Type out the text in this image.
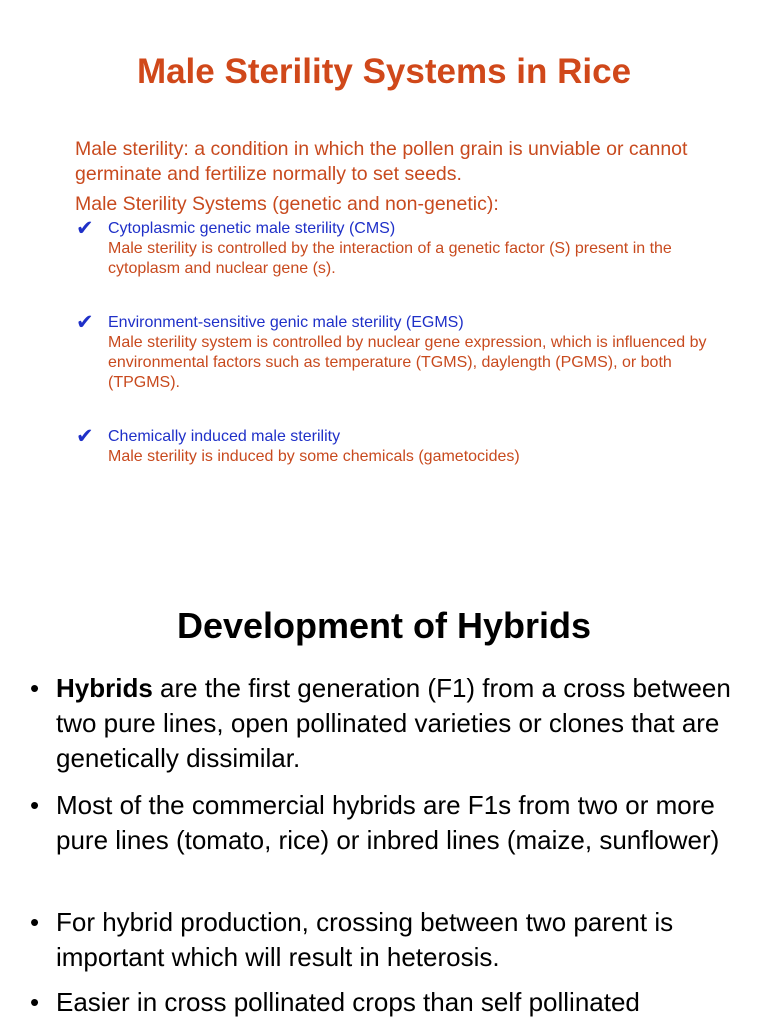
Male Sterility Systems in Rice
Male sterility: a condition in which the pollen grain is unviable or cannot germinate and fertilize normally to set seeds.
Male Sterility Systems (genetic and non-genetic):
✔ Cytoplasmic genetic male sterility (CMS)
Male sterility is controlled by the interaction of a genetic factor (S) present in the cytoplasm and nuclear gene (s).
✔ Environment-sensitive genic male sterility (EGMS)
Male sterility system is controlled by nuclear gene expression, which is influenced by environmental factors such as temperature (TGMS), daylength (PGMS), or both (TPGMS).
✔ Chemically induced male sterility
Male sterility is induced by some chemicals (gametocides)
Development of Hybrids
• Hybrids are the first generation (F1) from a cross between two pure lines, open pollinated varieties or clones that are genetically dissimilar.
• Most of the commercial hybrids are F1s from two or more pure lines (tomato, rice) or inbred lines (maize, sunflower)
• For hybrid production, crossing between two parent is important which will result in heterosis.
• Easier in cross pollinated crops than self pollinated
